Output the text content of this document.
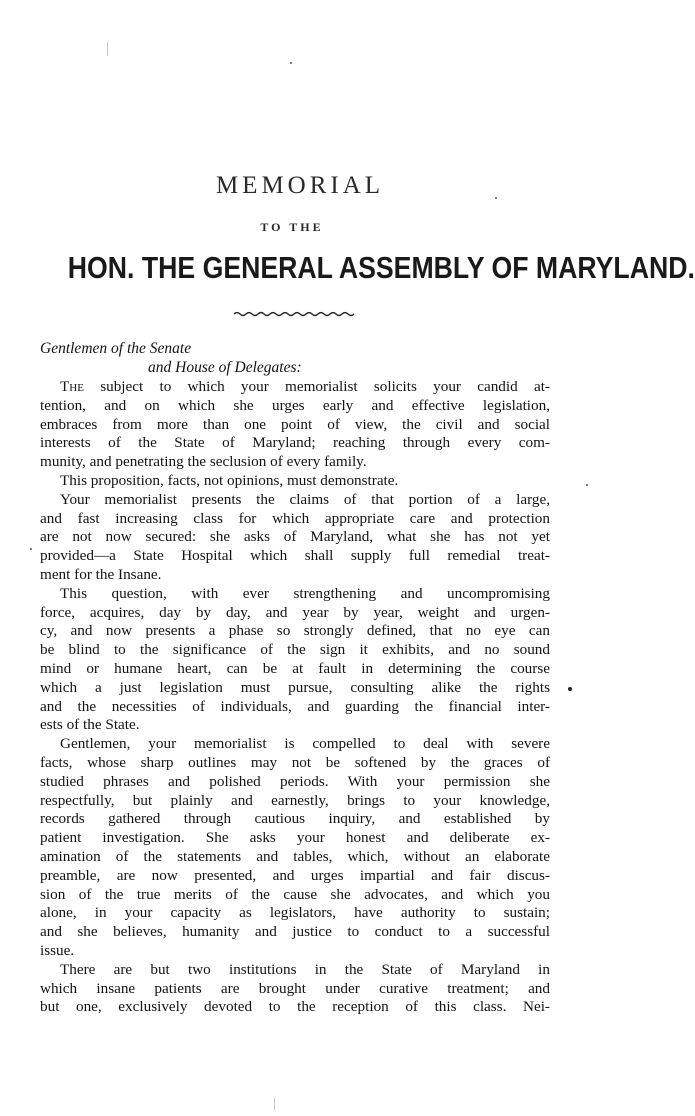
MEMORIAL
TO THE
HON. THE GENERAL ASSEMBLY OF MARYLAND.
Gentlemen of the Senate
and House of Delegates:
The subject to which your memorialist solicits your candid at-
tention, and on which she urges early and effective legislation,
embraces from more than one point of view, the civil and social
interests of the State of Maryland; reaching through every com-
munity, and penetrating the seclusion of every family.
This proposition, facts, not opinions, must demonstrate.
Your memorialist presents the claims of that portion of a large,
and fast increasing class for which appropriate care and protection
are not now secured: she asks of Maryland, what she has not yet
provided—a State Hospital which shall supply full remedial treat-
ment for the Insane.
This question, with ever strengthening and uncompromising
force, acquires, day by day, and year by year, weight and urgen-
cy, and now presents a phase so strongly defined, that no eye can
be blind to the significance of the sign it exhibits, and no sound
mind or humane heart, can be at fault in determining the course
which a just legislation must pursue, consulting alike the rights
and the necessities of individuals, and guarding the financial inter-
ests of the State.
Gentlemen, your memorialist is compelled to deal with severe
facts, whose sharp outlines may not be softened by the graces of
studied phrases and polished periods. With your permission she
respectfully, but plainly and earnestly, brings to your knowledge,
records gathered through cautious inquiry, and established by
patient investigation. She asks your honest and deliberate ex-
amination of the statements and tables, which, without an elaborate
preamble, are now presented, and urges impartial and fair discus-
sion of the true merits of the cause she advocates, and which you
alone, in your capacity as legislators, have authority to sustain;
and she believes, humanity and justice to conduct to a successful
issue.
There are but two institutions in the State of Maryland in
which insane patients are brought under curative treatment; and
but one, exclusively devoted to the reception of this class. Nei-
